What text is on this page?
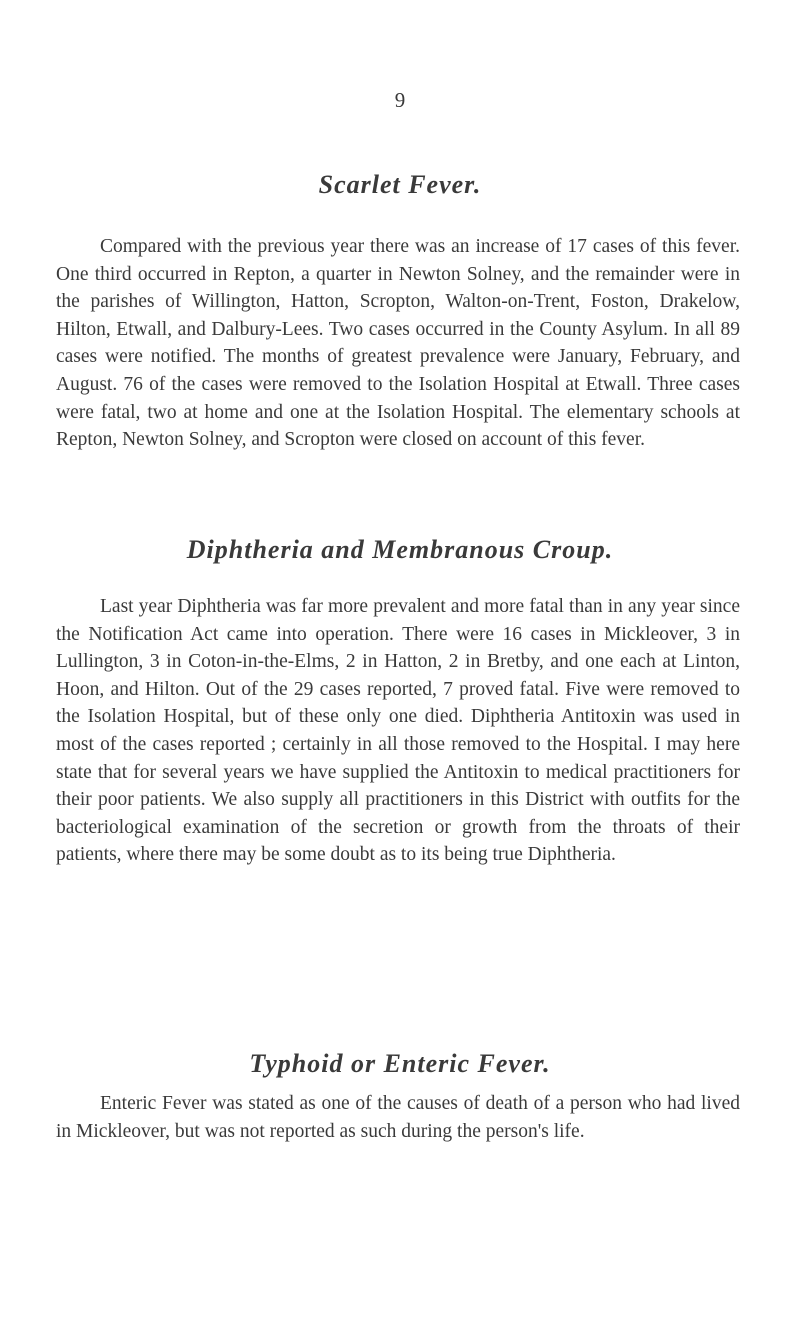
9
Scarlet Fever.

Compared with the previous year there was an increase of 17 cases of this fever. One third occurred in Repton, a quarter in Newton Solney, and the remainder were in the parishes of Willington, Hatton, Scropton, Walton-on-Trent, Foston, Drakelow, Hilton, Etwall, and Dalbury-Lees. Two cases occurred in the County Asylum. In all 89 cases were notified. The months of greatest prevalence were January, February, and August. 76 of the cases were removed to the Isolation Hospital at Etwall. Three cases were fatal, two at home and one at the Isolation Hospital. The elementary schools at Repton, Newton Solney, and Scropton were closed on account of this fever.

Diphtheria and Membranous Croup.

Last year Diphtheria was far more prevalent and more fatal than in any year since the Notification Act came into operation. There were 16 cases in Mickleover, 3 in Lullington, 3 in Coton-in-the-Elms, 2 in Hatton, 2 in Bretby, and one each at Linton, Hoon, and Hilton. Out of the 29 cases reported, 7 proved fatal. Five were removed to the Isolation Hospital, but of these only one died. Diphtheria Antitoxin was used in most of the cases reported ; certainly in all those removed to the Hospital. I may here state that for several years we have supplied the Antitoxin to medical practitioners for their poor patients. We also supply all practitioners in this District with outfits for the bacteriological examination of the secretion or growth from the throats of their patients, where there may be some doubt as to its being true Diphtheria.

Typhoid or Enteric Fever.

Enteric Fever was stated as one of the causes of death of a person who had lived in Mickleover, but was not reported as such during the person's life.
